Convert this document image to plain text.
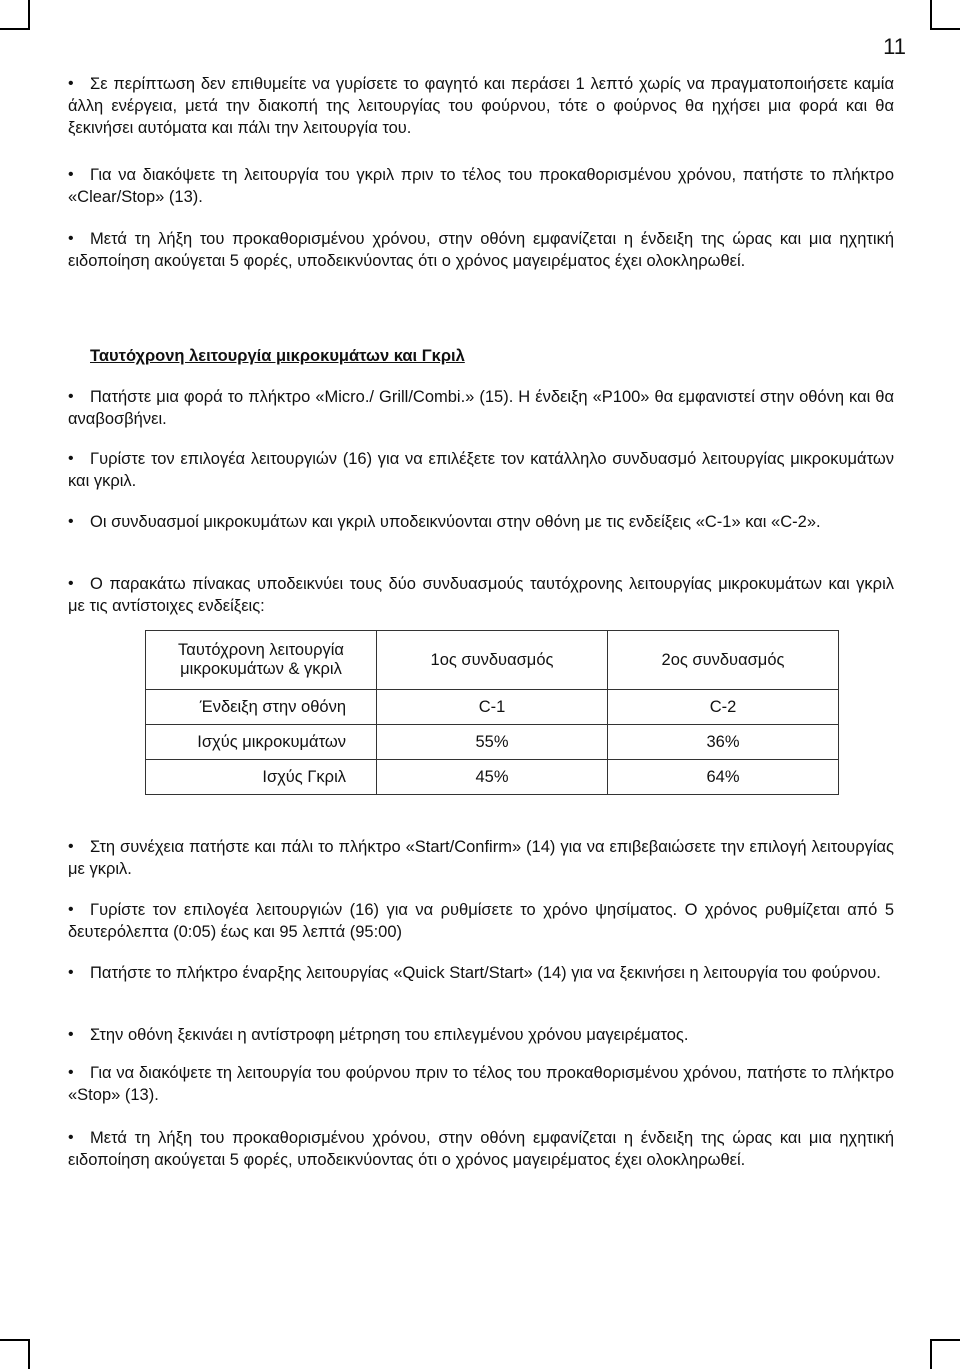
11

• Σε περίπτωση δεν επιθυμείτε να γυρίσετε το φαγητό και περάσει 1 λεπτό χωρίς να πραγματοποιήσετε καμία άλλη ενέργεια, μετά την διακοπή της λειτουργίας του φούρνου, τότε ο φούρνος θα ηχήσει μια φορά και θα ξεκινήσει αυτόματα και πάλι την λειτουργία του.

• Για να διακόψετε τη λειτουργία του γκριλ πριν το τέλος του προκαθορισμένου χρόνου, πατήστε το πλήκτρο «Clear/Stop» (13).

• Μετά τη λήξη του προκαθορισμένου χρόνου, στην οθόνη εμφανίζεται η ένδειξη της ώρας και μια ηχητική ειδοποίηση ακούγεται 5 φορές, υποδεικνύοντας ότι ο χρόνος μαγειρέματος έχει ολοκληρωθεί.

Ταυτόχρονη λειτουργία μικροκυμάτων και Γκριλ

• Πατήστε μια φορά το πλήκτρο «Micro./ Grill/Combi.» (15). Η ένδειξη «P100» θα εμφανιστεί στην οθόνη και θα αναβοσβήνει.

• Γυρίστε τον επιλογέα λειτουργιών (16) για να επιλέξετε τον κατάλληλο συνδυασμό λειτουργίας μικροκυμάτων και γκριλ.

• Οι συνδυασμοί μικροκυμάτων και γκριλ υποδεικνύονται στην οθόνη με τις ενδείξεις «C-1» και «C-2».

• Ο παρακάτω πίνακας υποδεικνύει τους δύο συνδυασμούς ταυτόχρονης λειτουργίας μικροκυμάτων και γκριλ με τις αντίστοιχες ενδείξεις:

Ταυτόχρονη λειτουργία μικροκυμάτων & γκριλ	1ος συνδυασμός	2ος συνδυασμός
Ένδειξη στην οθόνη	C-1	C-2
Ισχύς μικροκυμάτων	55%	36%
Ισχύς Γκριλ	45%	64%

• Στη συνέχεια πατήστε και πάλι το πλήκτρο «Start/Confirm» (14) για να επιβεβαιώσετε την επιλογή λειτουργίας με γκριλ.

• Γυρίστε τον επιλογέα λειτουργιών (16) για να ρυθμίσετε το χρόνο ψησίματος. Ο χρόνος ρυθμίζεται από 5 δευτερόλεπτα (0:05) έως και 95 λεπτά (95:00)

• Πατήστε το πλήκτρο έναρξης λειτουργίας «Quick Start/Start» (14) για να ξεκινήσει η λειτουργία του φούρνου.

• Στην οθόνη ξεκινάει η αντίστροφη μέτρηση του επιλεγμένου χρόνου μαγειρέματος.

• Για να διακόψετε τη λειτουργία του φούρνου πριν το τέλος του προκαθορισμένου χρόνου, πατήστε το πλήκτρο «Stop» (13).

• Μετά τη λήξη του προκαθορισμένου χρόνου, στην οθόνη εμφανίζεται η ένδειξη της ώρας και μια ηχητική ειδοποίηση ακούγεται 5 φορές, υποδεικνύοντας ότι ο χρόνος μαγειρέματος έχει ολοκληρωθεί.
